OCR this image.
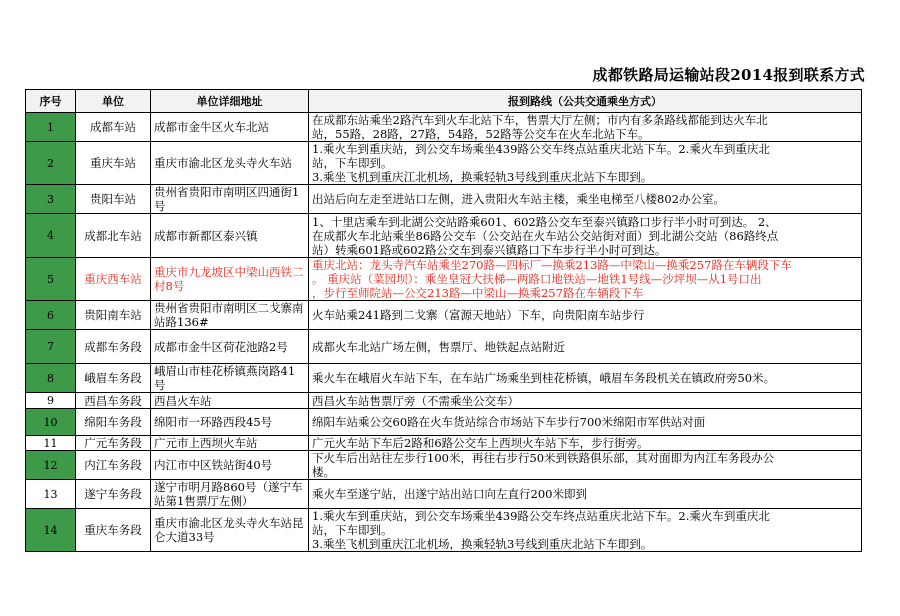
成都铁路局运输站段2014报到联系方式
序号	单位	单位详细地址	报到路线（公共交通乘坐方式）
1	成都车站	成都市金牛区火车北站	在成都东站乘坐2路汽车到火车北站下车，售票大厅左侧；市内有多条路线都能到达火车北
站，55路，28路，27路，54路，52路等公交车在火车北站下车。

2	重庆车站	重庆市渝北区龙头寺火车站	1.乘火车到重庆站，到公交车场乘坐439路公交车终点站重庆北站下车。2.乘火车到重庆北
站，下车即到。
3.乘坐飞机到重庆江北机场，换乘轻轨3号线到重庆北站下车即到。

3	贵阳车站	贵州省贵阳市南明区四通街1号	出站后向左走至进站口左侧，进入贵阳火车站主楼，乘坐电梯至八楼802办公室。

4	成都北车站	成都市新都区泰兴镇	1、十里店乘车到北湖公交站路乘601、602路公交车至泰兴镇路口步行半小时可到达。 2、
在成都火车北站乘坐86路公交车（公交站在火车站公交站街对面）到北湖公交站（86路终点
站）转乘601路或602路公交车到泰兴镇路口下车步行半小时可到达。

5	重庆西车站	重庆市九龙坡区中梁山西铁二村8号	重庆北站：龙头寺汽车站乘坐270路—四标厂—换乘213路—中梁山—换乘257路在车辆段下车
。 重庆站（菜园坝）：乘坐皇冠大扶梯—两路口地铁站—地铁1号线—沙坪坝—从1号口出
，步行至师院站—公交213路—中梁山—换乘257路在车辆段下车

6	贵阳南车站	贵州省贵阳市南明区二戈寨南站路136#	火车站乘241路到二戈寨（富源天地站）下车，向贵阳南车站步行

7	成都车务段	成都市金牛区荷花池路2号	成都火车北站广场左侧，售票厅、地铁起点站附近

8	峨眉车务段	峨眉山市桂花桥镇燕岗路41号	乘火车在峨眉火车站下车，在车站广场乘坐到桂花桥镇，峨眉车务段机关在镇政府旁50米。

9	西昌车务段	西昌火车站	西昌火车站售票厅旁（不需乘坐公交车）

10	绵阳车务段	绵阳市一环路西段45号	绵阳车站乘公交60路在火车货站综合市场站下车步行700米绵阳市军供站对面

11	广元车务段	广元市上西坝火车站	广元火车站下车后2路和6路公交车上西坝火车站下车，步行街旁。

12	内江车务段	内江市中区铁站街40号	下火车后出站往左步行100米，再往右步行50米到铁路俱乐部，其对面即为内江车务段办公
楼。

13	遂宁车务段	遂宁市明月路860号（遂宁车站第1售票厅左侧）	乘火车至遂宁站，出遂宁站出站口向左直行200米即到

14	重庆车务段	重庆市渝北区龙头寺火车站昆仑大道33号	1.乘火车到重庆站，到公交车场乘坐439路公交车终点站重庆北站下车。2.乘火车到重庆北
站，下车即到。
3.乘坐飞机到重庆江北机场，换乘轻轨3号线到重庆北站下车即到。
